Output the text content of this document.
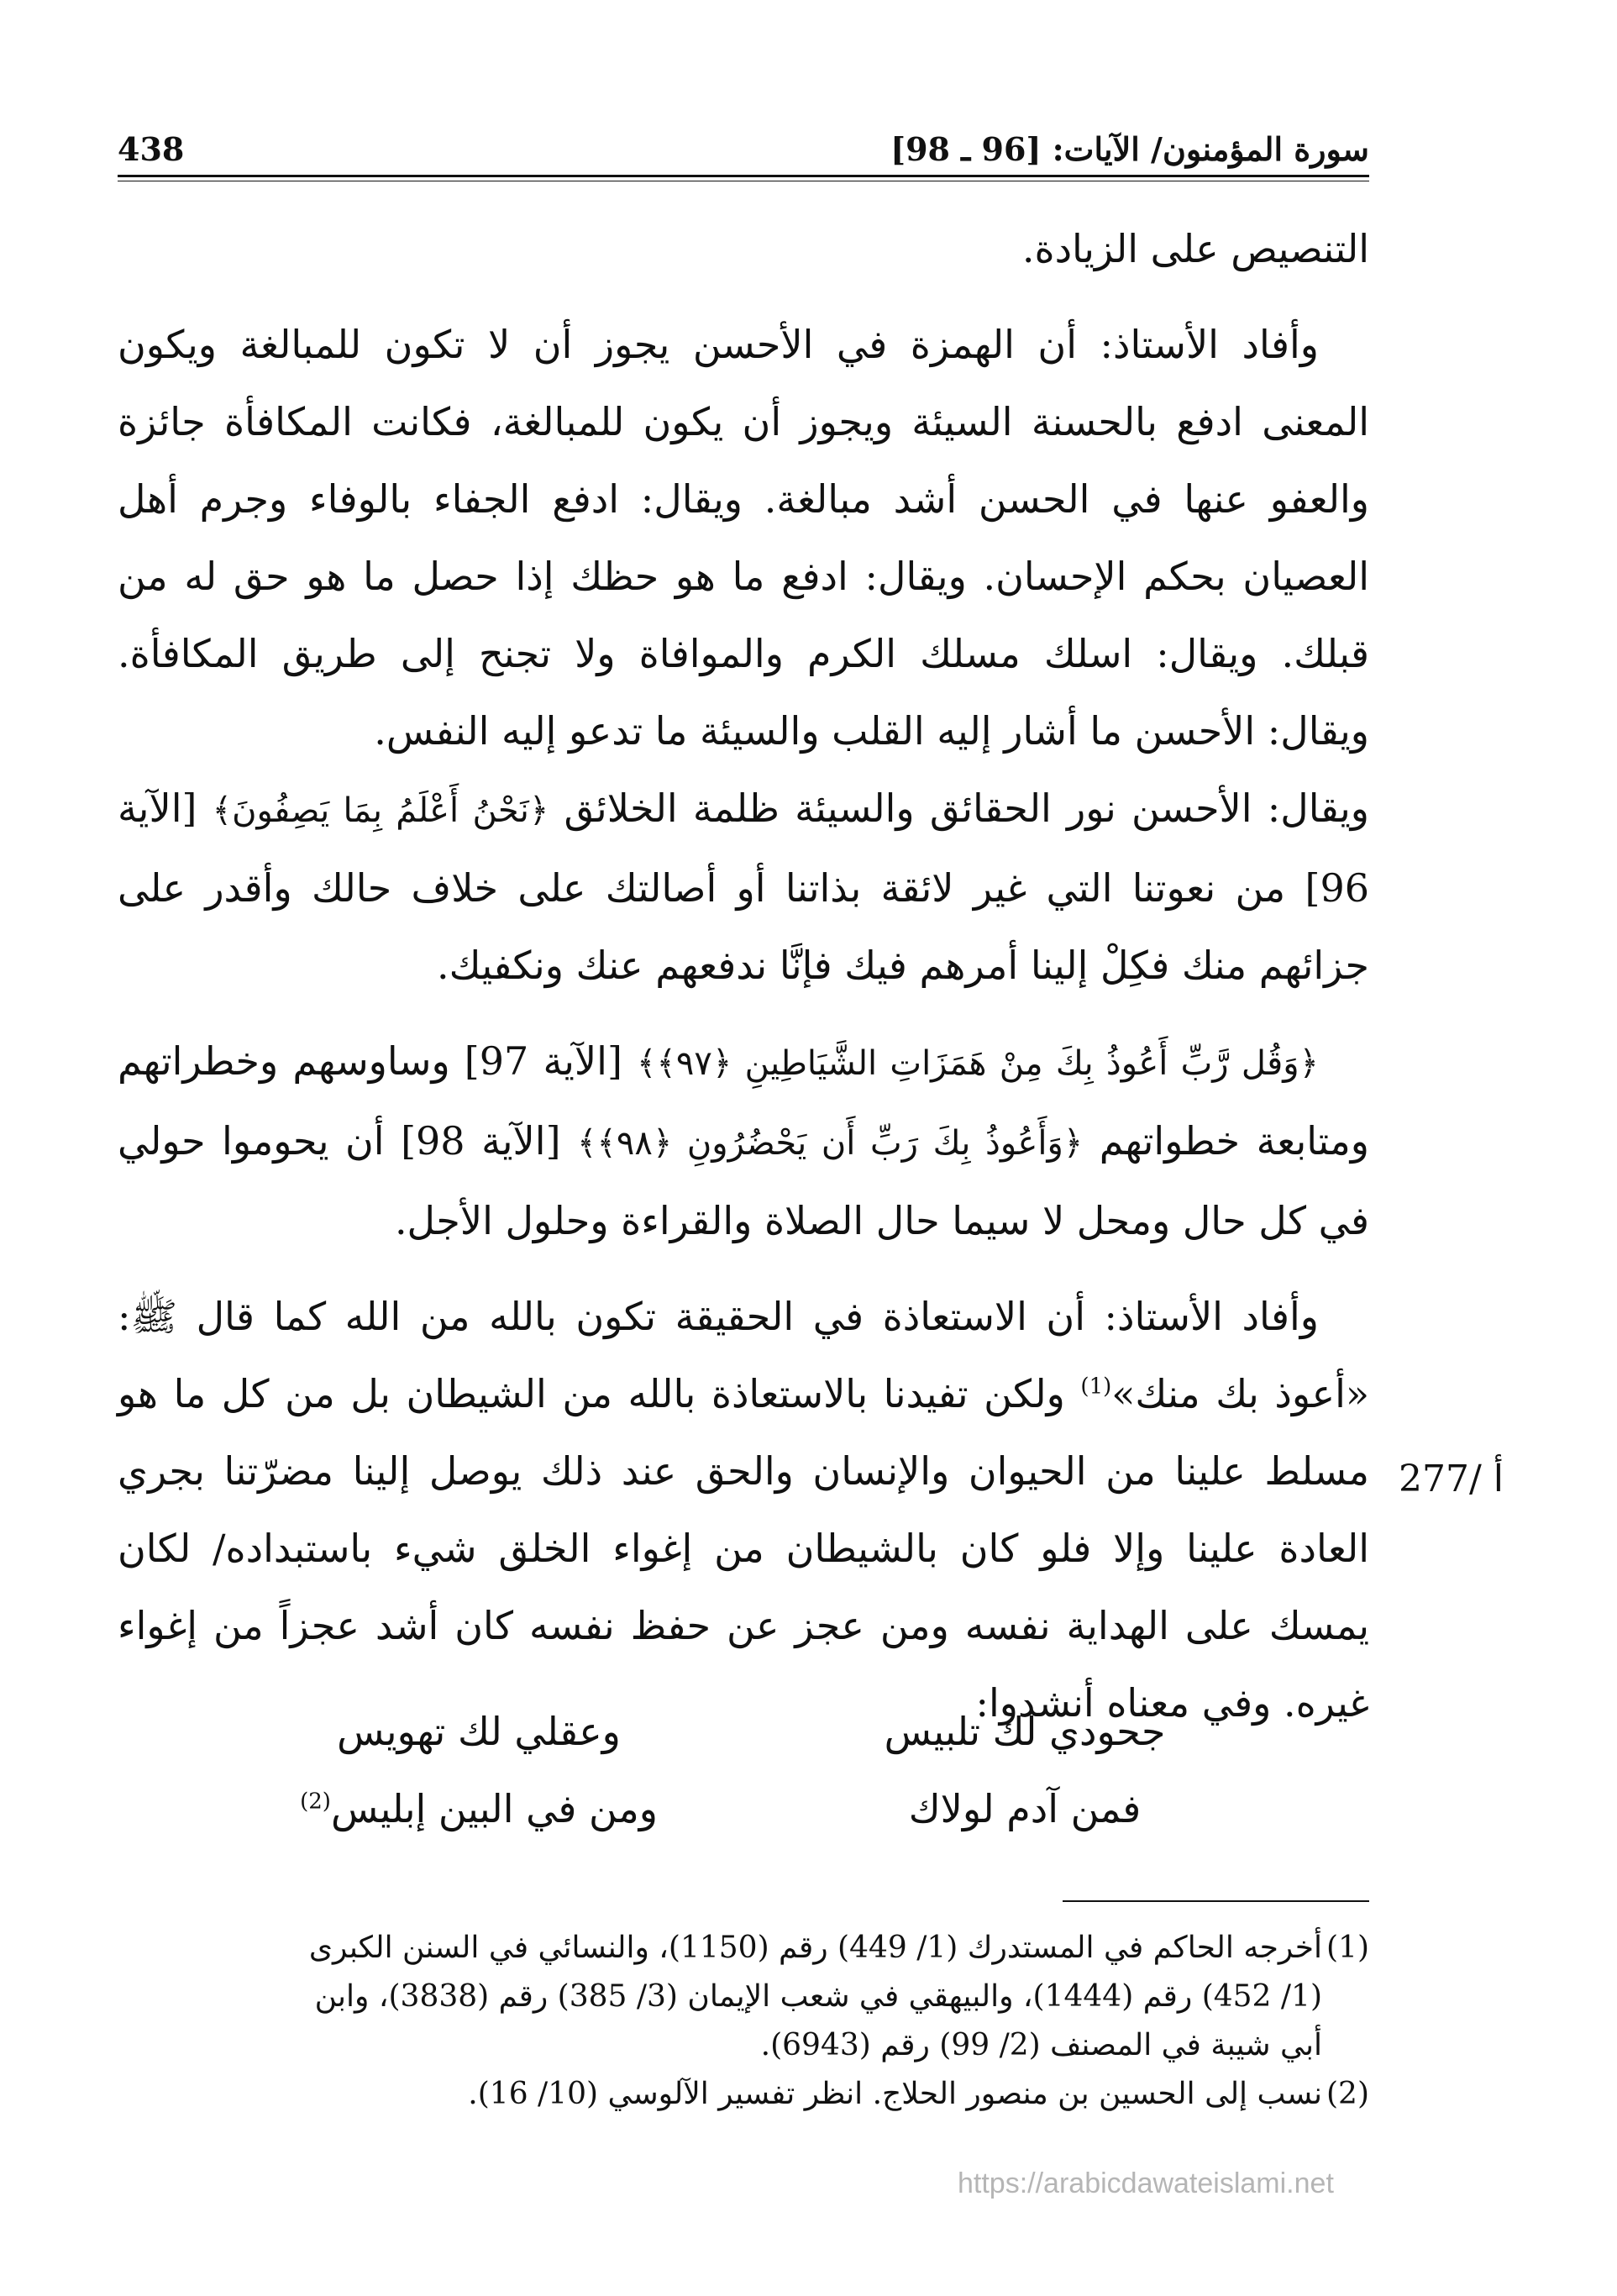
سورة المؤمنون/ الآيات: [96 ـ 98]
438

التنصيص على الزيادة.

وأفاد الأستاذ: أن الهمزة في الأحسن يجوز أن لا تكون للمبالغة ويكون المعنى ادفع بالحسنة السيئة ويجوز أن يكون للمبالغة، فكانت المكافأة جائزة والعفو عنها في الحسن أشد مبالغة. ويقال: ادفع الجفاء بالوفاء وجرم أهل العصيان بحكم الإحسان. ويقال: ادفع ما هو حظك إذا حصل ما هو حق له من قبلك. ويقال: اسلك مسلك الكرم والموافاة ولا تجنح إلى طريق المكافأة. ويقال: الأحسن ما أشار إليه القلب والسيئة ما تدعو إليه النفس.

ويقال: الأحسن نور الحقائق والسيئة ظلمة الخلائق ﴿نَحْنُ أَعْلَمُ بِمَا يَصِفُونَ﴾ [الآية 96] من نعوتنا التي غير لائقة بذاتنا أو أصالتك على خلاف حالك وأقدر على جزائهم منك فكِلْ إلينا أمرهم فيك فإنَّا ندفعهم عنك ونكفيك.

﴿وَقُل رَّبِّ أَعُوذُ بِكَ مِنْ هَمَزَاتِ الشَّيَاطِينِ ﴿٩٧﴾﴾ [الآية 97] وساوسهم وخطراتهم ومتابعة خطواتهم ﴿وَأَعُوذُ بِكَ رَبِّ أَن يَحْضُرُونِ ﴿٩٨﴾﴾ [الآية 98] أن يحوموا حولي في كل حال ومحل لا سيما حال الصلاة والقراءة وحلول الأجل.

وأفاد الأستاذ: أن الاستعاذة في الحقيقة تكون بالله من الله كما قال ﷺ: «أعوذ بك منك»$^{(1)}$ ولكن تفيدنا بالاستعاذة بالله من الشيطان بل من كل ما هو مسلط علينا من الحيوان والإنسان والحق عند ذلك يوصل إلينا مضرّتنا بجري العادة علينا وإلا فلو كان بالشيطان من إغواء الخلق شيء باستبداده/ لكان يمسك على الهداية نفسه ومن عجز عن حفظ نفسه كان أشد عجزاً من إغواء غيره. وفي معناه أنشدوا:

277/ أ
جحودي لك تلبيس
وعقلي لك تهويس
فمن آدم لولاك
ومن في البين إبليس$^{(2)}$

(1)أخرجه الحاكم في المستدرك (1/ 449) رقم (1150)، والنسائي في السنن الكبرى

(1/ 452) رقم (1444)، والبيهقي في شعب الإيمان (3/ 385) رقم (3838)، وابن

أبي شيبة في المصنف (2/ 99) رقم (6943).

(2)نسب إلى الحسين بن منصور الحلاج. انظر تفسير الآلوسي (10/ 16).

https://arabicdawateislami.net
